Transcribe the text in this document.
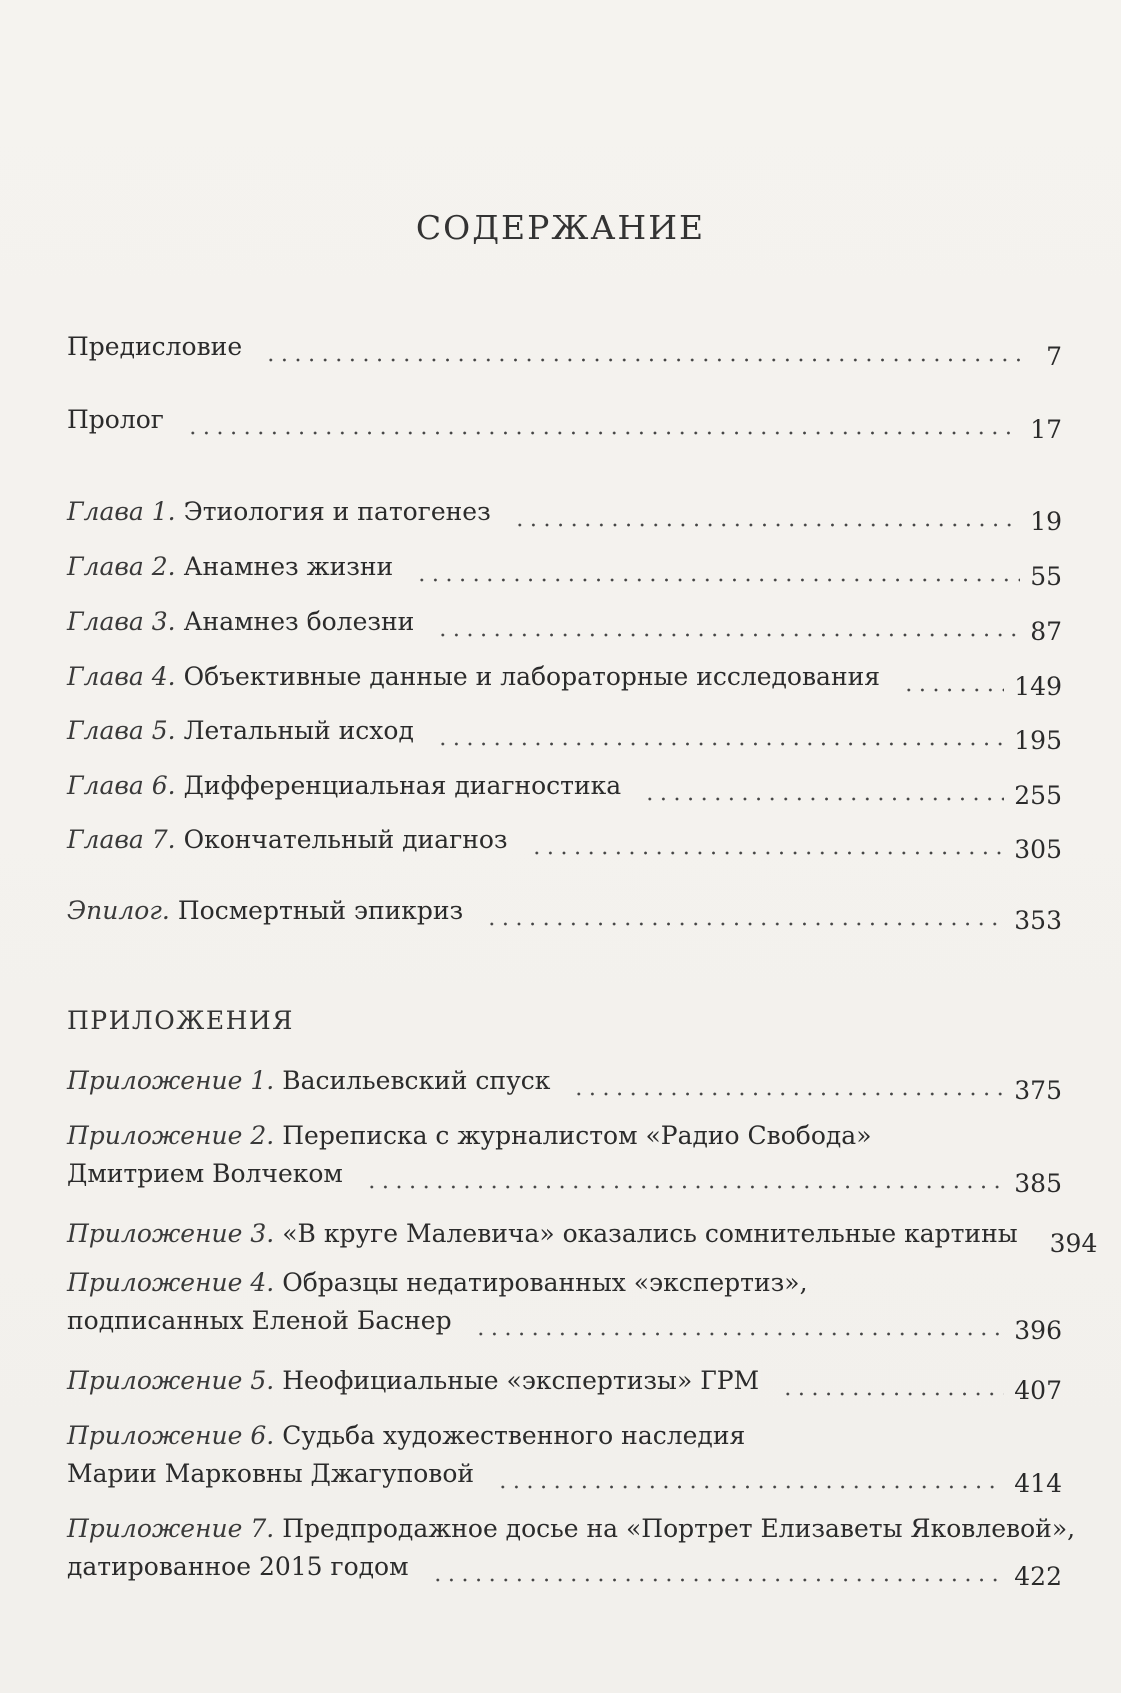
СОДЕРЖАНИЕ
Предисловие	7
Пролог	17
Глава 1. Этиология и патогенез	19
Глава 2. Анамнез жизни	55
Глава 3. Анамнез болезни	87
Глава 4. Объективные данные и лабораторные исследования	149
Глава 5. Летальный исход	195
Глава 6. Дифференциальная диагностика	255
Глава 7. Окончательный диагноз	305
Эпилог. Посмертный эпикриз	353
ПРИЛОЖЕНИЯ
Приложение 1. Васильевский спуск	375
Приложение 2. Переписка с журналистом «Радио Свобода»
Дмитрием Волчеком	385
Приложение 3. «В круге Малевича» оказались сомнительные картины 394
Приложение 4. Образцы недатированных «экспертиз»,
подписанных Еленой Баснер	396
Приложение 5. Неофициальные «экспертизы» ГРМ	407
Приложение 6. Судьба художественного наследия
Марии Марковны Джагуповой	414
Приложение 7. Предпродажное досье на «Портрет Елизаветы Яковлевой»,
датированное 2015 годом	422
